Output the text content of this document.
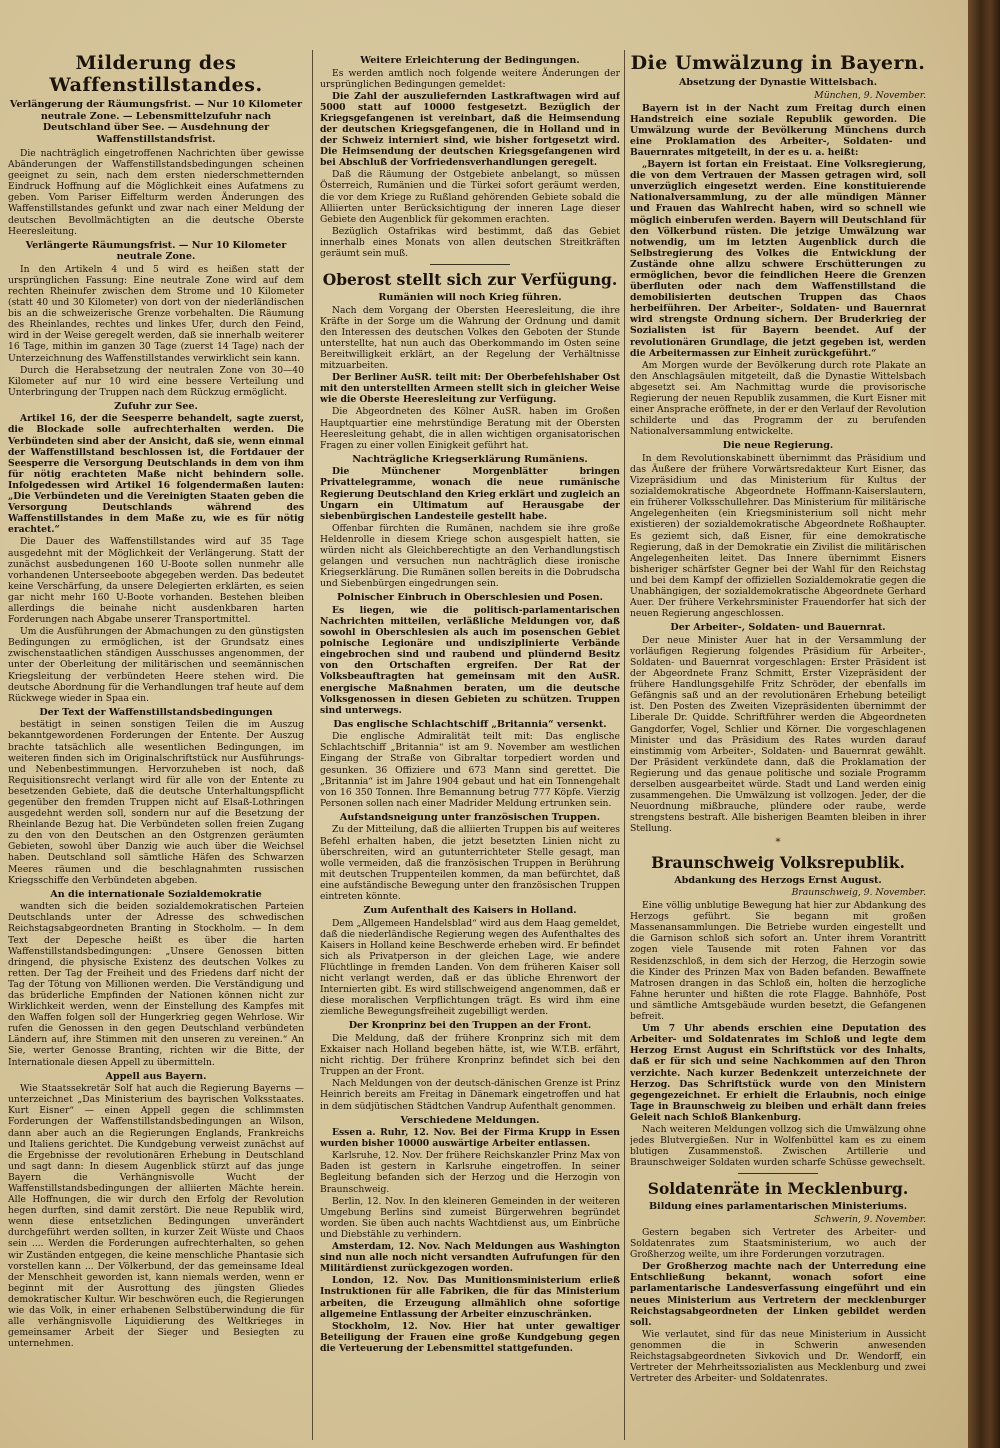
Milderung des Waffenstillstandes.
Verlängerung der Räumungsfrist. — Nur 10 Kilometer neutrale Zone. — Lebensmittelzufuhr nach Deutschland über See. — Ausdehnung der Waffenstillstandsfrist.

Die nachträglich eingetroffenen Nachrichten über gewisse Abänderungen der Waffenstillstandsbedingungen scheinen geeignet zu sein, nach dem ersten niederschmetternden Eindruck Hoffnung auf die Möglichkeit eines Aufatmens zu geben. Vom Pariser Eiffelturm werden Änderungen des Waffenstillstandes gefunkt und zwar nach einer Meldung der deutschen Bevollmächtigten an die deutsche Oberste Heeresleitung.

Verlängerte Räumungsfrist. — Nur 10 Kilometer neutrale Zone.

In den Artikeln 4 und 5 wird es heißen statt der ursprünglichen Fassung: Eine neutrale Zone wird auf dem rechten Rheinufer zwischen dem Strome und 10 Kilometer (statt 40 und 30 Kilometer) von dort von der niederländischen bis an die schweizerische Grenze vorbehalten. Die Räumung des Rheinlandes, rechtes und linkes Ufer, durch den Feind, wird in der Weise geregelt werden, daß sie innerhalb weiterer 16 Tage, mithin im ganzen 30 Tage (zuerst 14 Tage) nach der Unterzeichnung des Waffenstillstandes verwirklicht sein kann.

Durch die Herabsetzung der neutralen Zone von 30—40 Kilometer auf nur 10 wird eine bessere Verteilung und Unterbringung der Truppen nach dem Rückzug ermöglicht.

Zufuhr zur See.

Artikel 16, der die Seesperre behandelt, sagte zuerst, die Blockade solle aufrechterhalten werden. Die Verbündeten sind aber der Ansicht, daß sie, wenn einmal der Waffenstillstand beschlossen ist, die Fortdauer der Seesperre die Versorgung Deutschlands in dem von ihm für nötig erachteten Maße nicht behindern solle. Infolgedessen wird Artikel 16 folgendermaßen lauten: „Die Verbündeten und die Vereinigten Staaten geben die Versorgung Deutschlands während des Waffenstillstandes in dem Maße zu, wie es für nötig erachtet.“

Die Dauer des Waffenstillstandes wird auf 35 Tage ausgedehnt mit der Möglichkeit der Verlängerung. Statt der zunächst ausbedungenen 160 U-Boote sollen nunmehr alle vorhandenen Unterseeboote abgegeben werden. Das bedeutet keine Verschärfung, da unsere Delegierten erklärten, es seien gar nicht mehr 160 U-Boote vorhanden. Bestehen bleiben allerdings die beinahe nicht ausdenkbaren harten Forderungen nach Abgabe unserer Transportmittel.

Um die Ausführungen der Abmachungen zu den günstigsten Bedingungen zu ermöglichen, ist der Grundsatz eines zwischenstaatlichen ständigen Ausschusses angenommen, der unter der Oberleitung der militärischen und seemännischen Kriegsleitung der verbündeten Heere stehen wird. Die deutsche Abordnung für die Verhandlungen traf heute auf dem Rückwege wieder in Spaa ein.

Der Text der Waffenstillstandsbedingungen

bestätigt in seinen sonstigen Teilen die im Auszug bekanntgewordenen Forderungen der Entente. Der Auszug brachte tatsächlich alle wesentlichen Bedingungen, im weiteren finden sich im Originalschriftstück nur Ausführungs- und Nebenbestimmungen. Hervorzuheben ist noch, daß Requisitionsrecht verlangt wird für alle von der Entente zu besetzenden Gebiete, daß die deutsche Unterhaltungspflicht gegenüber den fremden Truppen nicht auf Elsaß-Lothringen ausgedehnt werden soll, sondern nur auf die Besetzung der Rheinlande Bezug hat. Die Verbündeten sollen freien Zugang zu den von den Deutschen an den Ostgrenzen geräumten Gebieten, sowohl über Danzig wie auch über die Weichsel haben. Deutschland soll sämtliche Häfen des Schwarzen Meeres räumen und die beschlagnahmten russischen Kriegsschiffe den Verbündeten abgeben.

An die internationale Sozialdemokratie

wandten sich die beiden sozialdemokratischen Parteien Deutschlands unter der Adresse des schwedischen Reichstagsabgeordneten Branting in Stockholm. — In dem Text der Depesche heißt es über die harten Waffenstillstandsbedingungen: „Unsere Genossen bitten dringend, die physische Existenz des deutschen Volkes zu retten. Der Tag der Freiheit und des Friedens darf nicht der Tag der Tötung von Millionen werden. Die Verständigung und das brüderliche Empfinden der Nationen können nicht zur Wirklichkeit werden, wenn der Einstellung des Kampfes mit den Waffen folgen soll der Hungerkrieg gegen Wehrlose. Wir rufen die Genossen in den gegen Deutschland verbündeten Ländern auf, ihre Stimmen mit den unseren zu vereinen.“ An Sie, werter Genosse Branting, richten wir die Bitte, der Internationale diesen Appell zu übermitteln.

Appell aus Bayern.

Wie Staatssekretär Solf hat auch die Regierung Bayerns — unterzeichnet „Das Ministerium des bayrischen Volksstaates. Kurt Eisner“ — einen Appell gegen die schlimmsten Forderungen der Waffenstillstandsbedingungen an Wilson, dann aber auch an die Regierungen Englands, Frankreichs und Italiens gerichtet. Die Kundgebung verweist zunächst auf die Ergebnisse der revolutionären Erhebung in Deutschland und sagt dann: In diesem Augenblick stürzt auf das junge Bayern die Verhängnisvolle Wucht der Waffenstillstandsbedingungen der alliierten Mächte herein. Alle Hoffnungen, die wir durch den Erfolg der Revolution hegen durften, sind damit zerstört. Die neue Republik wird, wenn diese entsetzlichen Bedingungen unverändert durchgeführt werden sollten, in kurzer Zeit Wüste und Chaos sein .... Werden die Forderungen aufrechterhalten, so gehen wir Zuständen entgegen, die keine menschliche Phantasie sich vorstellen kann ... Der Völkerbund, der das gemeinsame Ideal der Menschheit geworden ist, kann niemals werden, wenn er beginnt mit der Ausrottung des jüngsten Gliedes demokratischer Kultur. Wir beschwören euch, die Regierungen wie das Volk, in einer erhabenen Selbstüberwindung die für alle verhängnisvolle Liquidierung des Weltkrieges in gemeinsamer Arbeit der Sieger und Besiegten zu unternehmen.

Weitere Erleichterung der Bedingungen.

Es werden amtlich noch folgende weitere Änderungen der ursprünglichen Bedingungen gemeldet:

Die Zahl der auszuliefernden Lastkraftwagen wird auf 5000 statt auf 10000 festgesetzt. Bezüglich der Kriegsgefangenen ist vereinbart, daß die Heimsendung der deutschen Kriegsgefangenen, die in Holland und in der Schweiz interniert sind, wie bisher fortgesetzt wird. Die Heimsendung der deutschen Kriegsgefangenen wird bei Abschluß der Vorfriedensverhandlungen geregelt.

Daß die Räumung der Ostgebiete anbelangt, so müssen Österreich, Rumänien und die Türkei sofort geräumt werden, die vor dem Kriege zu Rußland gehörenden Gebiete sobald die Alliierten unter Berücksichtigung der inneren Lage dieser Gebiete den Augenblick für gekommen erachten.

Bezüglich Ostafrikas wird bestimmt, daß das Gebiet innerhalb eines Monats von allen deutschen Streitkräften geräumt sein muß.

Oberost stellt sich zur Verfügung.
Rumänien will noch Krieg führen.

Nach dem Vorgang der Obersten Heeresleitung, die ihre Kräfte in der Sorge um die Wahrung der Ordnung und damit den Interessen des deutschen Volkes den Geboten der Stunde unterstellte, hat nun auch das Oberkommando im Osten seine Bereitwilligkeit erklärt, an der Regelung der Verhältnisse mitzuarbeiten.

Der Berliner AuSR. teilt mit: Der Oberbefehlshaber Ost mit den unterstellten Armeen stellt sich in gleicher Weise wie die Oberste Heeresleitung zur Verfügung.

Die Abgeordneten des Kölner AuSR. haben im Großen Hauptquartier eine mehrstündige Beratung mit der Obersten Heeresleitung gehabt, die in allen wichtigen organisatorischen Fragen zu einer vollen Einigkeit geführt hat.

Nachträgliche Kriegserklärung Rumäniens.

Die Münchener Morgenblätter bringen Privattelegramme, wonach die neue rumänische Regierung Deutschland den Krieg erklärt und zugleich an Ungarn ein Ultimatum auf Herausgabe der siebenbürgischen Landesteile gestellt habe.

Offenbar fürchten die Rumänen, nachdem sie ihre große Heldenrolle in diesem Kriege schon ausgespielt hatten, sie würden nicht als Gleichberechtigte an den Verhandlungstisch gelangen und versuchen nun nachträglich diese ironische Kriegserklärung. Die Rumänen sollen bereits in die Dobrudscha und Siebenbürgen eingedrungen sein.

Polnischer Einbruch in Oberschlesien und Posen.

Es liegen, wie die politisch-parlamentarischen Nachrichten mitteilen, verläßliche Meldungen vor, daß sowohl in Oberschlesien als auch im posenschen Gebiet polnische Legionäre und undisziplinierte Verbände eingebrochen sind und raubend und plündernd Besitz von den Ortschaften ergreifen. Der Rat der Volksbeauftragten hat gemeinsam mit den AuSR. energische Maßnahmen beraten, um die deutsche Volksgenossen in diesen Gebieten zu schützen. Truppen sind unterwegs.

Das englische Schlachtschiff „Britannia“ versenkt.

Die englische Admiralität teilt mit: Das englische Schlachtschiff „Britannia“ ist am 9. November am westlichen Eingang der Straße von Gibraltar torpediert worden und gesunken. 36 Offiziere und 673 Mann sind gerettet. Die „Britannia“ ist im Jahre 1904 gebaut und hat ein Tonnengehalt von 16 350 Tonnen. Ihre Bemannung betrug 777 Köpfe. Vierzig Personen sollen nach einer Madrider Meldung ertrunken sein.

Aufstandsneigung unter französischen Truppen.

Zu der Mitteilung, daß die alliierten Truppen bis auf weiteres Befehl erhalten haben, die jetzt besetzten Linien nicht zu überschreiten, wird an gutunterrichteter Stelle gesagt, man wolle vermeiden, daß die französischen Truppen in Berührung mit deutschen Truppenteilen kommen, da man befürchtet, daß eine aufständische Bewegung unter den französischen Truppen eintreten könnte.

Zum Aufenthalt des Kaisers in Holland.

Dem „Allgemeen Handelsblad“ wird aus dem Haag gemeldet, daß die niederländische Regierung wegen des Aufenthaltes des Kaisers in Holland keine Beschwerde erheben wird. Er befindet sich als Privatperson in der gleichen Lage, wie andere Flüchtlinge in fremden Landen. Von dem früheren Kaiser soll nicht verlangt werden, daß er das übliche Ehrenwort der Internierten gibt. Es wird stillschweigend angenommen, daß er diese moralischen Verpflichtungen trägt. Es wird ihm eine ziemliche Bewegungsfreiheit zugebilligt werden.

Der Kronprinz bei den Truppen an der Front.

Die Meldung, daß der frühere Kronprinz sich mit dem Exkaiser nach Holland begeben hätte, ist, wie W.T.B. erfährt, nicht richtig. Der frühere Kronprinz befindet sich bei den Truppen an der Front.

Nach Meldungen von der deutsch-dänischen Grenze ist Prinz Heinrich bereits am Freitag in Dänemark eingetroffen und hat in dem südjütischen Städtchen Vandrup Aufenthalt genommen.

Verschiedene Meldungen.

Essen a. Ruhr, 12. Nov. Bei der Firma Krupp in Essen wurden bisher 10000 auswärtige Arbeiter entlassen.

Karlsruhe, 12. Nov. Der frühere Reichskanzler Prinz Max von Baden ist gestern in Karlsruhe eingetroffen. In seiner Begleitung befanden sich der Herzog und die Herzogin von Braunschweig.

Berlin, 12. Nov. In den kleineren Gemeinden in der weiteren Umgebung Berlins sind zumeist Bürgerwehren begründet worden. Sie üben auch nachts Wachtdienst aus, um Einbrüche und Diebstähle zu verhindern.

Amsterdam, 12. Nov. Nach Meldungen aus Washington sind nun alle noch nicht versandten Aufrufungen für den Militärdienst zurückgezogen worden.

London, 12. Nov. Das Munitionsministerium erließ Instruktionen für alle Fabriken, die für das Ministerium arbeiten, die Erzeugung allmählich ohne sofortige allgemeine Entlassung der Arbeiter einzuschränken.

Stockholm, 12. Nov. Hier hat unter gewaltiger Beteiligung der Frauen eine große Kundgebung gegen die Verteuerung der Lebensmittel stattgefunden.

Die Umwälzung in Bayern.
Absetzung der Dynastie Wittelsbach.
München, 9. November.

Bayern ist in der Nacht zum Freitag durch einen Handstreich eine soziale Republik geworden. Die Umwälzung wurde der Bevölkerung Münchens durch eine Proklamation des Arbeiter-, Soldaten- und Bauernrates mitgeteilt, in der es u. a. heißt:

„Bayern ist fortan ein Freistaat. Eine Volksregierung, die von dem Vertrauen der Massen getragen wird, soll unverzüglich eingesetzt werden. Eine konstituierende Nationalversammlung, zu der alle mündigen Männer und Frauen das Wahlrecht haben, wird so schnell wie möglich einberufen werden. Bayern will Deutschland für den Völkerbund rüsten. Die jetzige Umwälzung war notwendig, um im letzten Augenblick durch die Selbstregierung des Volkes die Entwicklung der Zustände ohne allzu schwere Erschütterungen zu ermöglichen, bevor die feindlichen Heere die Grenzen überfluten oder nach dem Waffenstillstand die demobilisierten deutschen Truppen das Chaos herbeiführen. Der Arbeiter-, Soldaten- und Bauernrat wird strengste Ordnung sichern. Der Bruderkrieg der Sozialisten ist für Bayern beendet. Auf der revolutionären Grundlage, die jetzt gegeben ist, werden die Arbeitermassen zur Einheit zurückgeführt.“

Am Morgen wurde der Bevölkerung durch rote Plakate an den Anschlagsäulen mitgeteilt, daß die Dynastie Wittelsbach abgesetzt sei. Am Nachmittag wurde die provisorische Regierung der neuen Republik zusammen, die Kurt Eisner mit einer Ansprache eröffnete, in der er den Verlauf der Revolution schilderte und das Programm der zu berufenden Nationalversammlung entwickelte.

Die neue Regierung.

In dem Revolutionskabinett übernimmt das Präsidium und das Äußere der frühere Vorwärtsredakteur Kurt Eisner, das Vizepräsidium und das Ministerium für Kultus der sozialdemokratische Abgeordnete Hoffmann-Kaiserslautern, ein früherer Volksschullehrer. Das Ministerium für militärische Angelegenheiten (ein Kriegsministerium soll nicht mehr existieren) der sozialdemokratische Abgeordnete Roßhaupter. Es geziemt sich, daß Eisner, für eine demokratische Regierung, daß in der Demokratie ein Zivilist die militärischen Angelegenheiten leitet. Das Innere übernimmt Eisners bisheriger schärfster Gegner bei der Wahl für den Reichstag und bei dem Kampf der offiziellen Sozialdemokratie gegen die Unabhängigen, der sozialdemokratische Abgeordnete Gerhard Auer. Der frühere Verkehrsminister Frauendorfer hat sich der neuen Regierung angeschlossen.

Der Arbeiter-, Soldaten- und Bauernrat.

Der neue Minister Auer hat in der Versammlung der vorläufigen Regierung folgendes Präsidium für Arbeiter-, Soldaten- und Bauernrat vorgeschlagen: Erster Präsident ist der Abgeordnete Franz Schmitt, Erster Vizepräsident der frühere Handlungsgehilfe Fritz Schröder, der ebenfalls im Gefängnis saß und an der revolutionären Erhebung beteiligt ist. Den Posten des Zweiten Vizepräsidenten übernimmt der Liberale Dr. Quidde. Schriftführer werden die Abgeordneten Gangdorfer, Vogel, Schlier und Körner. Die vorgeschlagenen Minister und das Präsidium des Rates wurden darauf einstimmig vom Arbeiter-, Soldaten- und Bauernrat gewählt. Der Präsident verkündete dann, daß die Proklamation der Regierung und das genaue politische und soziale Programm derselben ausgearbeitet würde. Stadt und Land werden einig zusammengehen. Die Umwälzung ist vollzogen. Jeder, der die Neuordnung mißbrauche, plündere oder raube, werde strengstens bestraft. Alle bisherigen Beamten bleiben in ihrer Stellung.

*
Braunschweig Volksrepublik.
Abdankung des Herzogs Ernst August.
Braunschweig, 9. November.

Eine völlig unblutige Bewegung hat hier zur Abdankung des Herzogs geführt. Sie begann mit großen Massenansammlungen. Die Betriebe wurden eingestellt und die Garnison schloß sich sofort an. Unter ihrem Vorantritt zogen viele Tausende mit roten Fahnen vor das Residenzschloß, in dem sich der Herzog, die Herzogin sowie die Kinder des Prinzen Max von Baden befanden. Bewaffnete Matrosen drangen in das Schloß ein, holten die herzogliche Fahne herunter und hißten die rote Flagge. Bahnhöfe, Post und sämtliche Amtsgebäude wurden besetzt, die Gefangenen befreit.

Um 7 Uhr abends erschien eine Deputation des Arbeiter- und Soldatenrates im Schloß und legte dem Herzog Ernst August ein Schriftstück vor des Inhalts, daß er für sich und seine Nachkommen auf den Thron verzichte. Nach kurzer Bedenkzeit unterzeichnete der Herzog. Das Schriftstück wurde von den Ministern gegengezeichnet. Er erhielt die Erlaubnis, noch einige Tage in Braunschweig zu bleiben und erhält dann freies Geleit nach Schloß Blankenburg.

Nach weiteren Meldungen vollzog sich die Umwälzung ohne jedes Blutvergießen. Nur in Wolfenbüttel kam es zu einem blutigen Zusammenstoß. Zwischen Artillerie und Braunschweiger Soldaten wurden scharfe Schüsse gewechselt.

Soldatenräte in Mecklenburg.
Bildung eines parlamentarischen Ministeriums.
Schwerin, 9. November.

Gestern begaben sich Vertreter des Arbeiter- und Soldatenrates zum Staatsministerium, wo auch der Großherzog weilte, um ihre Forderungen vorzutragen.

Der Großherzog machte nach der Unterredung eine Entschließung bekannt, wonach sofort eine parlamentarische Landesverfassung eingeführt und ein neues Ministerium aus Vertretern der mecklenburger Reichstagsabgeordneten der Linken gebildet werden soll.

Wie verlautet, sind für das neue Ministerium in Aussicht genommen die in Schwerin anwesenden Reichstagsabgeordneten Sivkovich und Dr. Wendorff, ein Vertreter der Mehrheitssozialisten aus Mecklenburg und zwei Vertreter des Arbeiter- und Soldatenrates.
